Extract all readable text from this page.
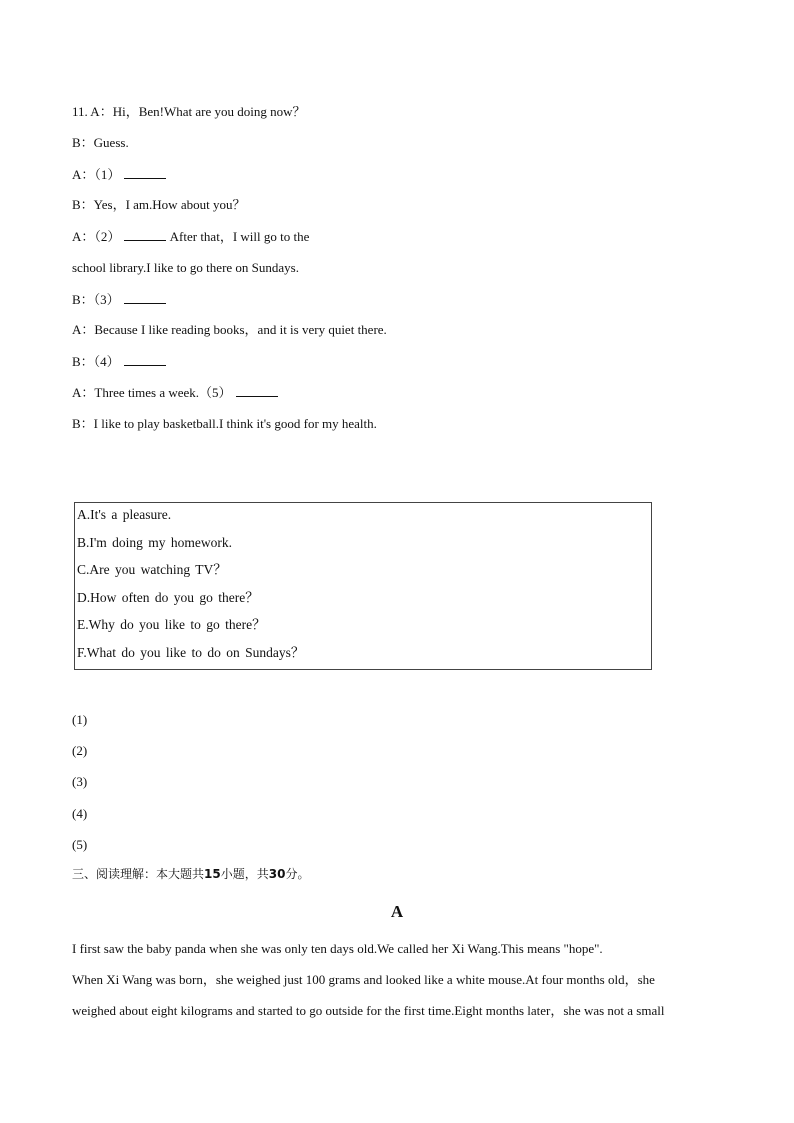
11. A：Hi，Ben!What are you doing now？
B：Guess.
A：（1）
B：Yes，I am.How about you？
A：（2）	After that，I will go to the
school library.I like to go there on Sundays.
B：（3）
A：Because I like reading books，and it is very quiet there.
B：（4）
A：Three times a week.（5）
B：I like to play basketball.I think it's good for my health.
A.It's a pleasure.
B.I'm doing my homework.
C.Are you watching TV？
D.How often do you go there？
E.Why do you like to go there？
F.What do you like to do on Sundays？
(1)
(2)
(3)
(4)
(5)
三、阅读理解：本大题共15小题，共30分。
A
I first saw the baby panda when she was only ten days old.We called her Xi Wang.This means "hope".
When Xi Wang was born，she weighed just 100 grams and looked like a white mouse.At four months old，she
weighed about eight kilograms and started to go outside for the first time.Eight months later，she was not a small
